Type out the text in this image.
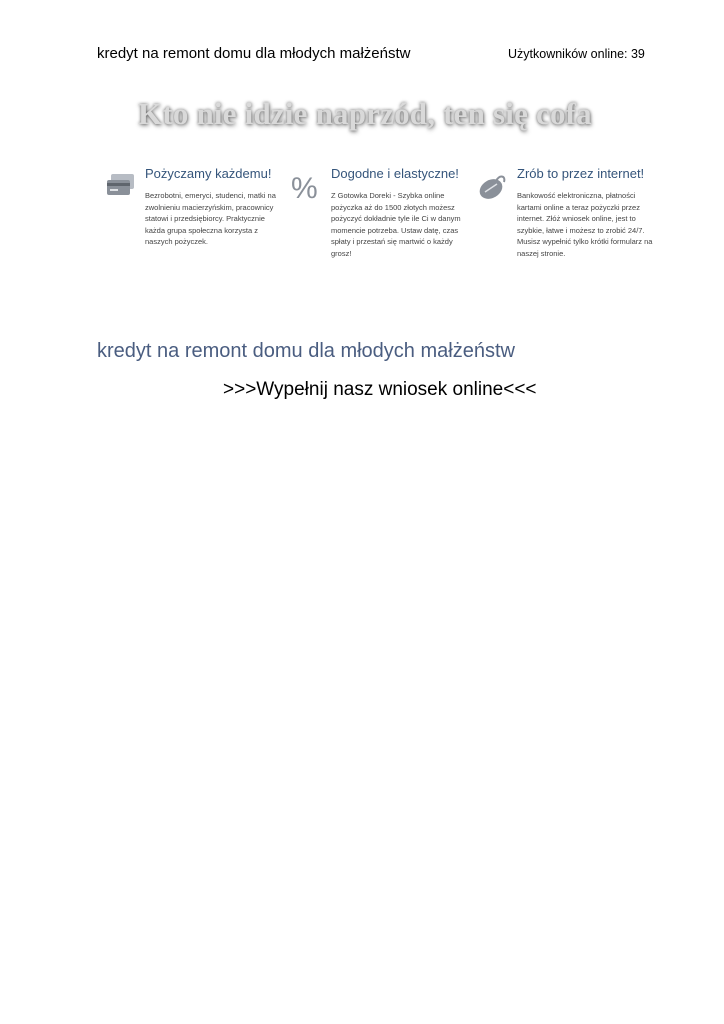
kredyt na remont domu dla młodych małżeństw	Użytkowników online: 39
Kto nie idzie naprzód, ten się cofa
Pożyczamy każdemu!
Bezrobotni, emeryci, studenci, matki na zwolnieniu macierzyńskim, pracownicy statowi i przedsiębiorcy. Praktycznie każda grupa społeczna korzysta z naszych pożyczek.
% Dogodne i elastyczne!
Z Gotowka Doreki - Szybka online pożyczka aż do 1500 złotych możesz pożyczyć dokładnie tyle ile Ci w danym momencie potrzeba. Ustaw datę, czas spłaty i przestań się martwić o każdy grosz!
Zrób to przez internet!
Bankowość elektroniczna, płatności kartami online a teraz pożyczki przez internet. Złóż wniosek online, jest to szybkie, łatwe i możesz to zrobić 24/7. Musisz wypełnić tylko krótki formularz na naszej stronie.
kredyt na remont domu dla młodych małżeństw
>>>Wypełnij nasz wniosek online<<<
